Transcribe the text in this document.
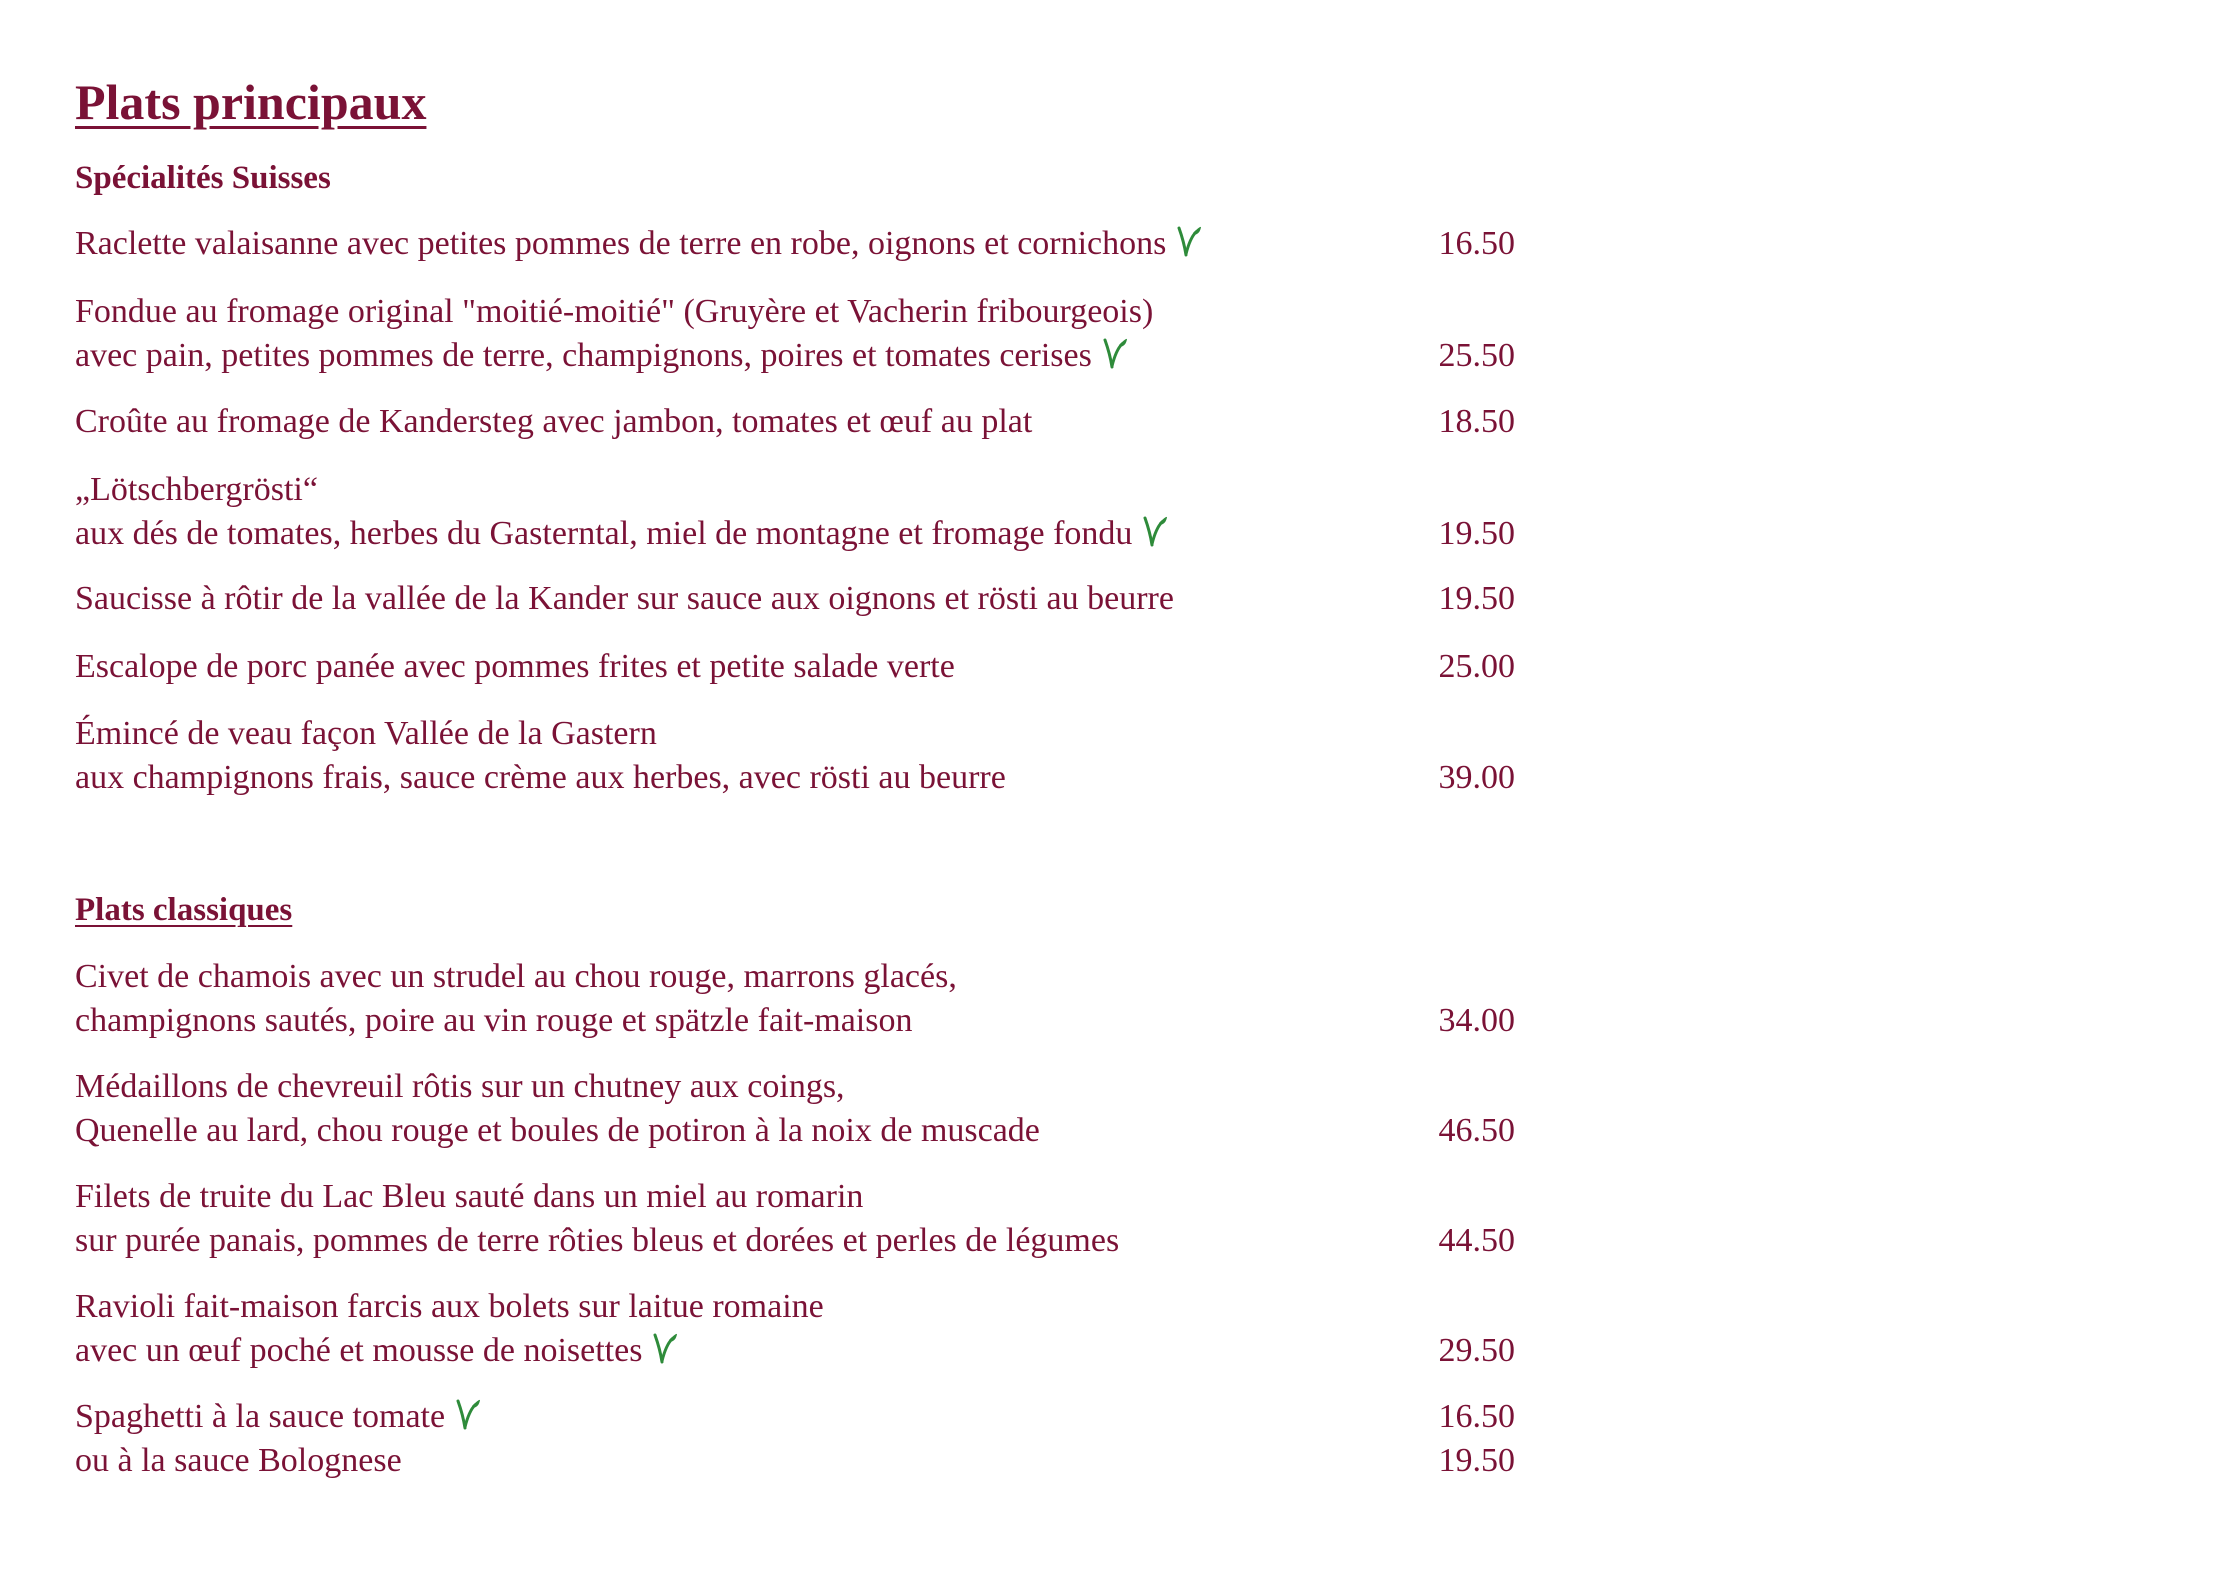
Plats principaux
Spécialités Suisses
Raclette valaisanne avec petites pommes de terre en robe, oignons et cornichons	16.50
Fondue au fromage original "moitié-moitié" (Gruyère et Vacherin fribourgeois)
avec pain, petites pommes de terre, champignons, poires et tomates cerises	25.50
Croûte au fromage de Kandersteg avec jambon, tomates et œuf au plat	18.50
„Lötschbergrösti“
aux dés de tomates, herbes du Gasterntal, miel de montagne et fromage fondu	19.50
Saucisse à rôtir de la vallée de la Kander sur sauce aux oignons et rösti au beurre	19.50
Escalope de porc panée avec pommes frites et petite salade verte	25.00
Émincé de veau façon Vallée de la Gastern
aux champignons frais, sauce crème aux herbes, avec rösti au beurre	39.00
Plats classiques
Civet de chamois avec un strudel au chou rouge, marrons glacés,
champignons sautés, poire au vin rouge et spätzle fait-maison	34.00
Médaillons de chevreuil rôtis sur un chutney aux coings,
Quenelle au lard, chou rouge et boules de potiron à la noix de muscade	46.50
Filets de truite du Lac Bleu sauté dans un miel au romarin
sur purée panais, pommes de terre rôties bleus et dorées et perles de légumes	44.50
Ravioli fait-maison farcis aux bolets sur laitue romaine
avec un œuf poché et mousse de noisettes	29.50
Spaghetti à la sauce tomate	16.50
ou à la sauce Bolognese	19.50
